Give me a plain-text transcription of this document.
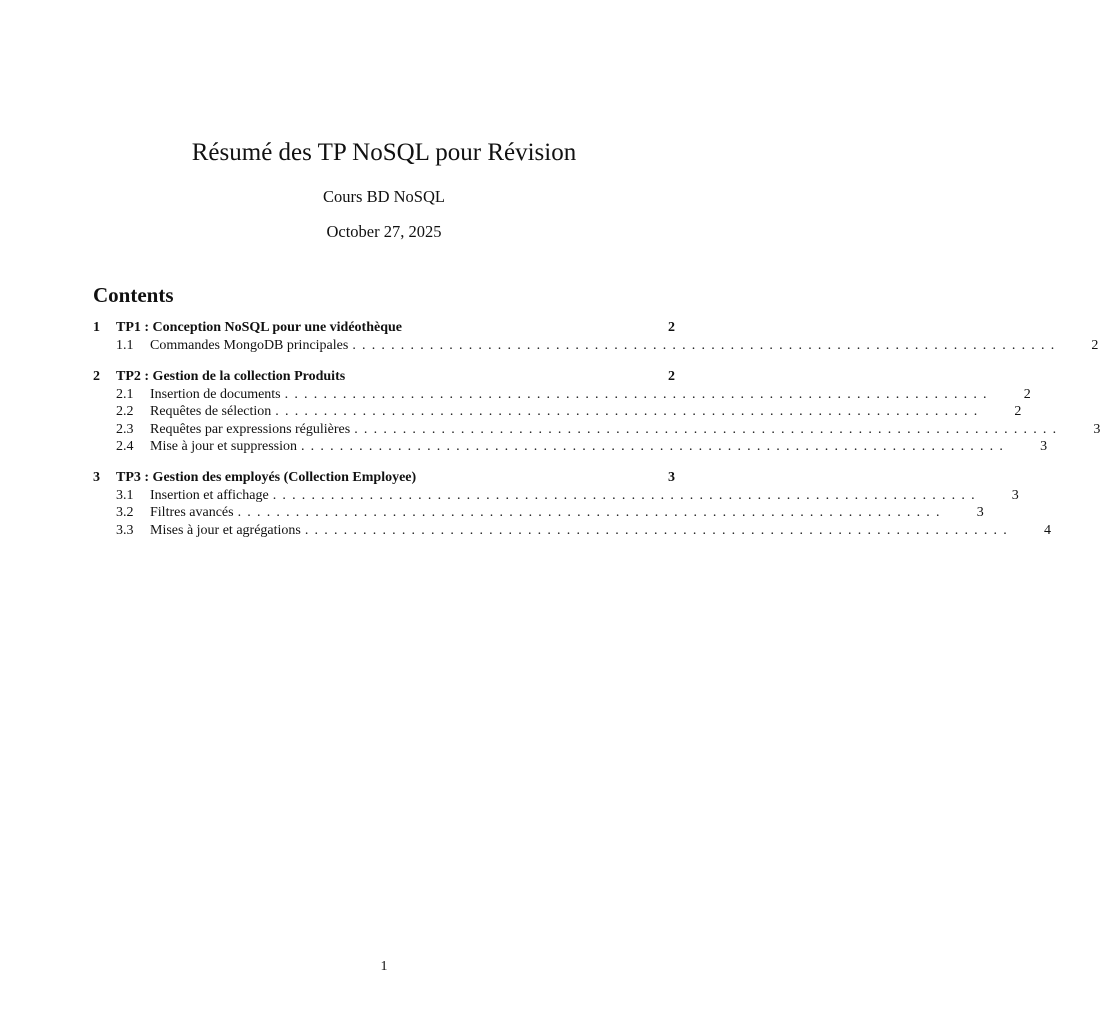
Résumé des TP NoSQL pour Révision
Cours BD NoSQL
October 27, 2025
Contents
1	TP1 : Conception NoSQL pour une vidéothèque	2
1.1	Commandes MongoDB principales .........................................................................	2
2	TP2 : Gestion de la collection Produits	2
2.1	Insertion de documents .........................................................................	2
2.2	Requêtes de sélection .........................................................................	2
2.3	Requêtes par expressions régulières .........................................................................	3
2.4	Mise à jour et suppression .........................................................................	3
3	TP3 : Gestion des employés (Collection Employee)	3
3.1	Insertion et affichage .........................................................................	3
3.2	Filtres avancés .........................................................................	3
3.3	Mises à jour et agrégations .........................................................................	4
1
